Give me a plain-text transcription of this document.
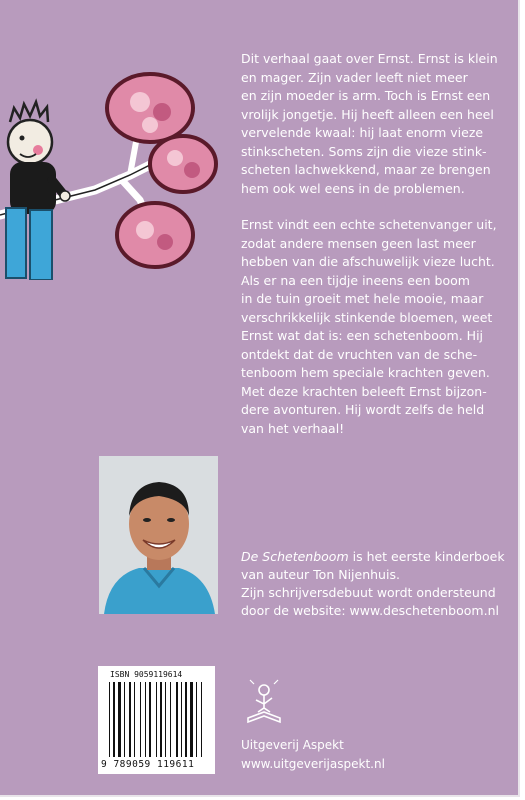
Dit verhaal gaat over Ernst. Ernst is klein
en mager. Zijn vader leeft niet meer
en zijn moeder is arm. Toch is Ernst een
vrolijk jongetje. Hij heeft alleen een heel
vervelende kwaal: hij laat enorm vieze
stinkscheten. Soms zijn die vieze stink-
scheten lachwekkend, maar ze brengen
hem ook wel eens in de problemen.

Ernst vindt een echte schetenvanger uit,
zodat andere mensen geen last meer
hebben van die afschuwelijk vieze lucht.
Als er na een tijdje ineens een boom
in de tuin groeit met hele mooie, maar
verschrikkelijk stinkende bloemen, weet
Ernst wat dat is: een schetenboom. Hij
ontdekt dat de vruchten van de sche-
tenboom hem speciale krachten geven.
Met deze krachten beleeft Ernst bijzon-
dere avonturen. Hij wordt zelfs de held
van het verhaal!

De Schetenboom is het eerste kinderboek
van auteur Ton Nijenhuis.
Zijn schrijversdebuut wordt ondersteund
door de website: www.deschetenboom.nl
ISBN 9059119614
9 789059 119611
Uitgeverij Aspekt
www.uitgeverijaspekt.nl
